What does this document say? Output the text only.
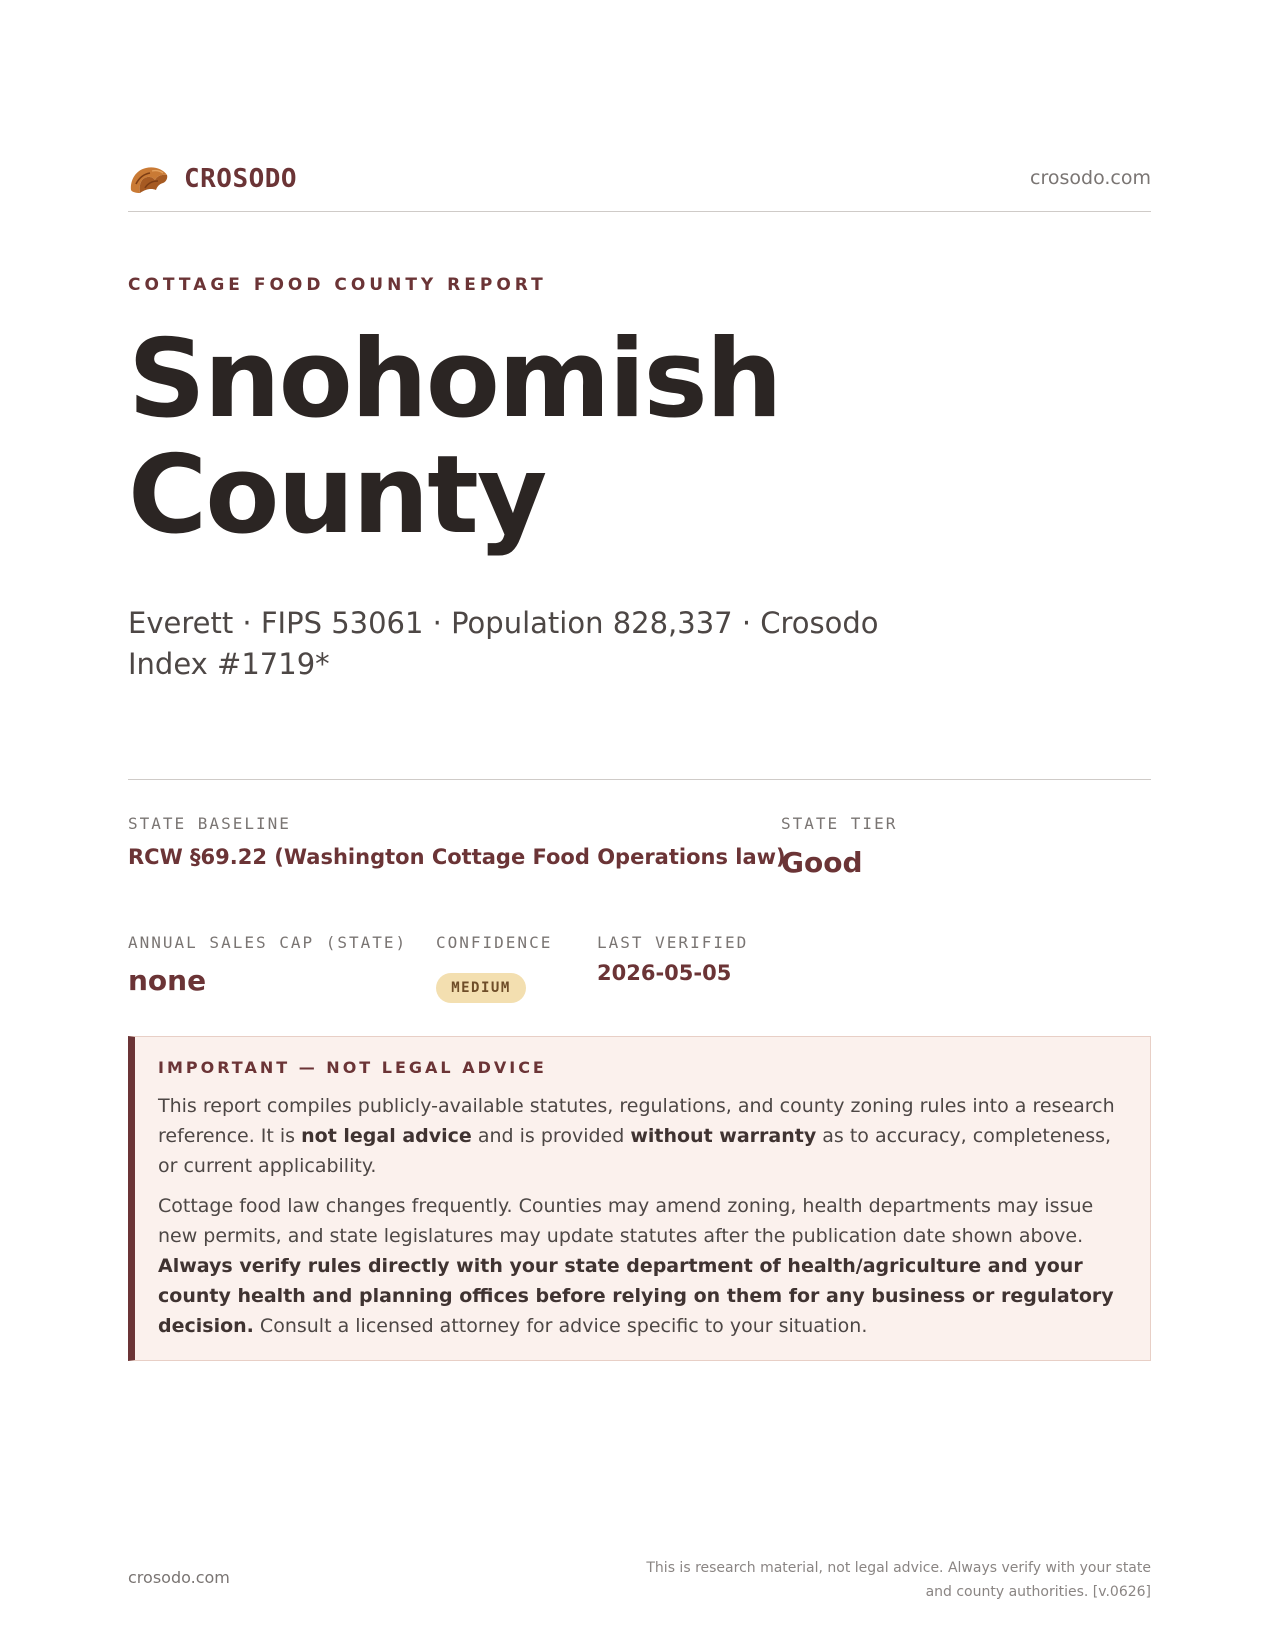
CROSODO	crosodo.com
COTTAGE FOOD COUNTY REPORT
Snohomish
County
Everett · FIPS 53061 · Population 828,337 · Crosodo Index #1719*
STATE BASELINE
RCW §69.22 (Washington Cottage Food Operations law)
STATE TIER
Good
ANNUAL SALES CAP (STATE)
none
CONFIDENCE
MEDIUM
LAST VERIFIED
2026-05-05
IMPORTANT — NOT LEGAL ADVICE

This report compiles publicly-available statutes, regulations, and county zoning rules into a research reference. It is not legal advice and is provided without warranty as to accuracy, completeness, or current applicability.

Cottage food law changes frequently. Counties may amend zoning, health departments may issue new permits, and state legislatures may update statutes after the publication date shown above. Always verify rules directly with your state department of health/agriculture and your county health and planning offices before relying on them for any business or regulatory decision. Consult a licensed attorney for advice specific to your situation.

crosodo.com	This is research material, not legal advice. Always verify with your state
and county authorities. [v.0626]
